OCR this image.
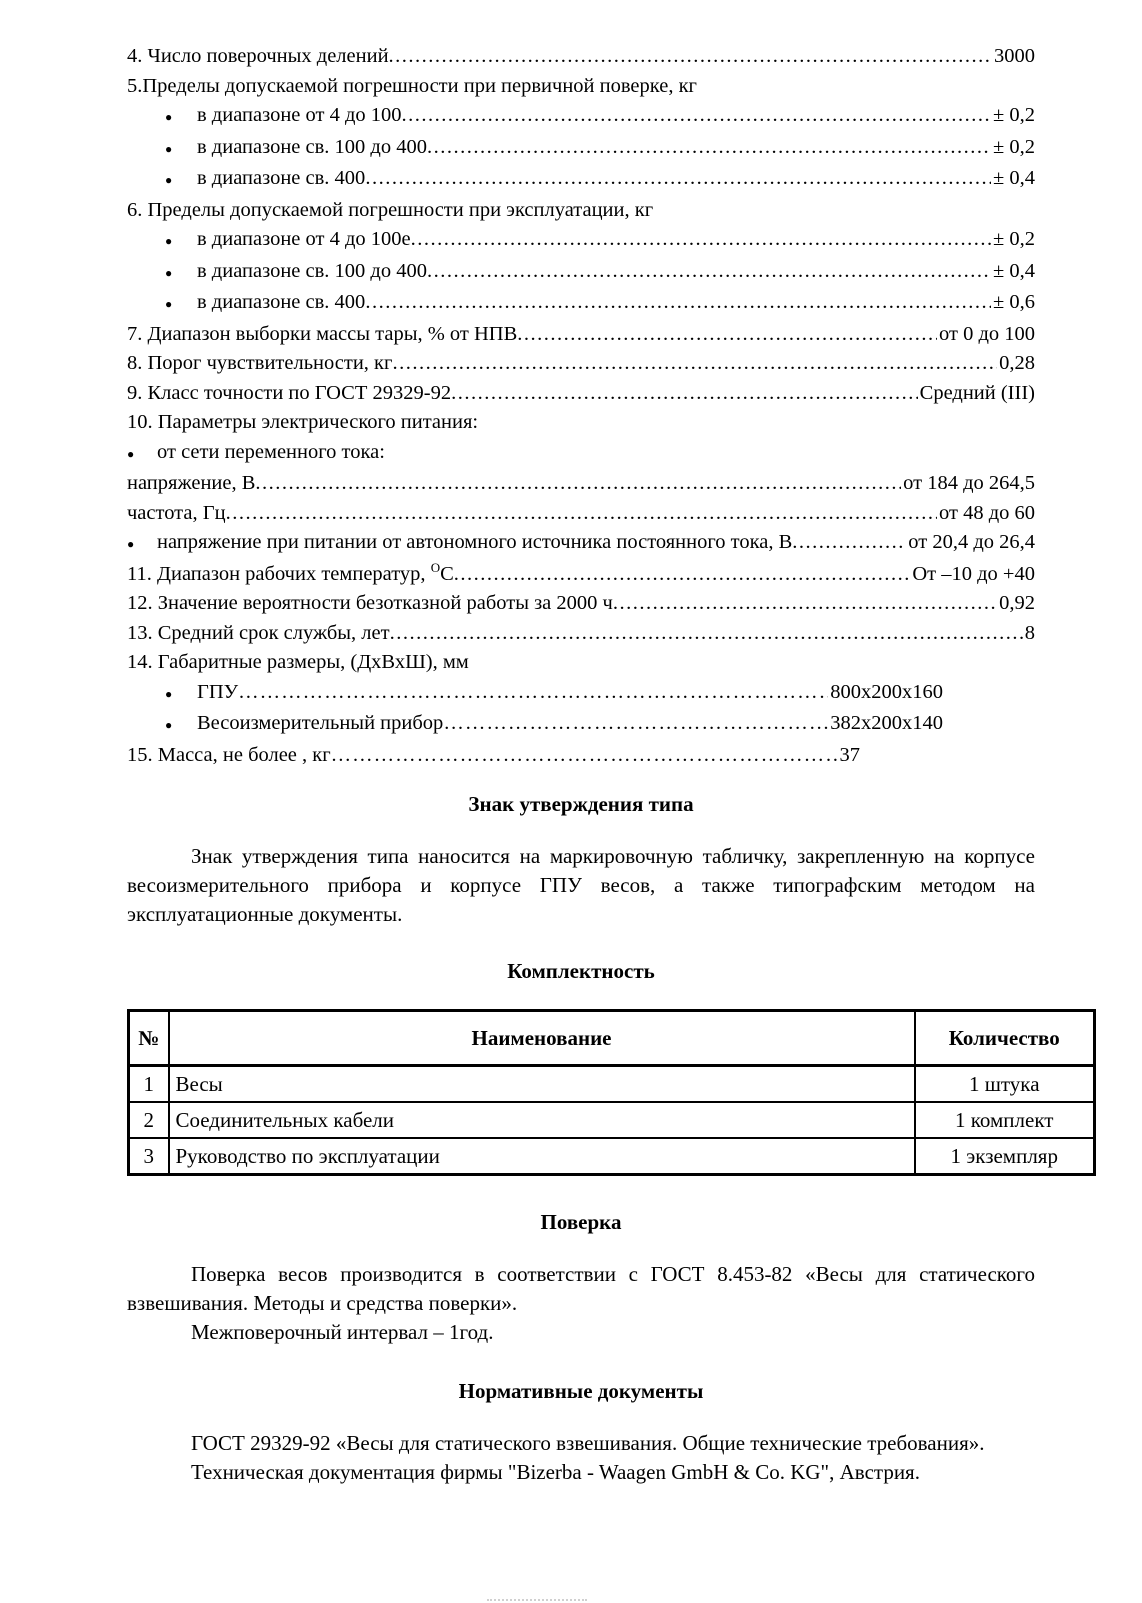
4. Число поверочных делений .....	3000
5.Пределы допускаемой погрешности при первичной поверке, кг
●	в диапазоне от 4 до 100 .....	± 0,2
●	в диапазоне св. 100 до 400 .....	± 0,2
●	в диапазоне св. 400 .....	± 0,4
6. Пределы допускаемой погрешности при эксплуатации, кг
●	в диапазоне от 4 до 100е .....	± 0,2
●	в диапазоне св. 100 до 400 .....	± 0,4
●	в диапазоне св. 400 .....	± 0,6
7. Диапазон выборки массы тары, % от НПВ .....	от 0 до 100
8. Порог чувствительности, кг .....	0,28
9. Класс точности по ГОСТ 29329-92 .....	Средний (III)
10. Параметры электрического питания:
●	от сети переменного тока:
напряжение, В .....	от 184 до 264,5
частота, Гц .....	от 48 до 60
●	напряжение при питании от автономного источника постоянного тока, В .....	от 20,4 до 26,4
11. Диапазон рабочих температур, $^О$С .....	От –10 до +40
12. Значение вероятности безотказной работы за 2000 ч .....	0,92
13. Средний срок службы, лет .....	8
14. Габаритные размеры, (ДхВхШ), мм
●	ГПУ …………………………………………………………………………………………	800х200х160
●	Весоизмерительный прибор …………………………………………………………………………………………	382х200х140
15. Масса, не более , кг …………………………………………………………………………………………	37
Знак утверждения типа

Знак утверждения типа наносится на маркировочную табличку, закрепленную на корпусе весоизмерительного прибора и корпусе ГПУ весов, а также типографским методом на эксплуатационные документы.

Комплектность
№	Наименование	Количество
1	Весы	1 штука
2	Соединительных кабели	1 комплект
3	Руководство по эксплуатации	1 экземпляр
Поверка

Поверка весов производится в соответствии с ГОСТ 8.453-82 «Весы для статического взвешивания. Методы и средства поверки».

Межповерочный интервал – 1год.

Нормативные документы

ГОСТ 29329-92 «Весы для статического взвешивания. Общие технические требования».

Техническая документация фирмы "Bizerba - Waagen GmbH & Co. KG", Австрия.
